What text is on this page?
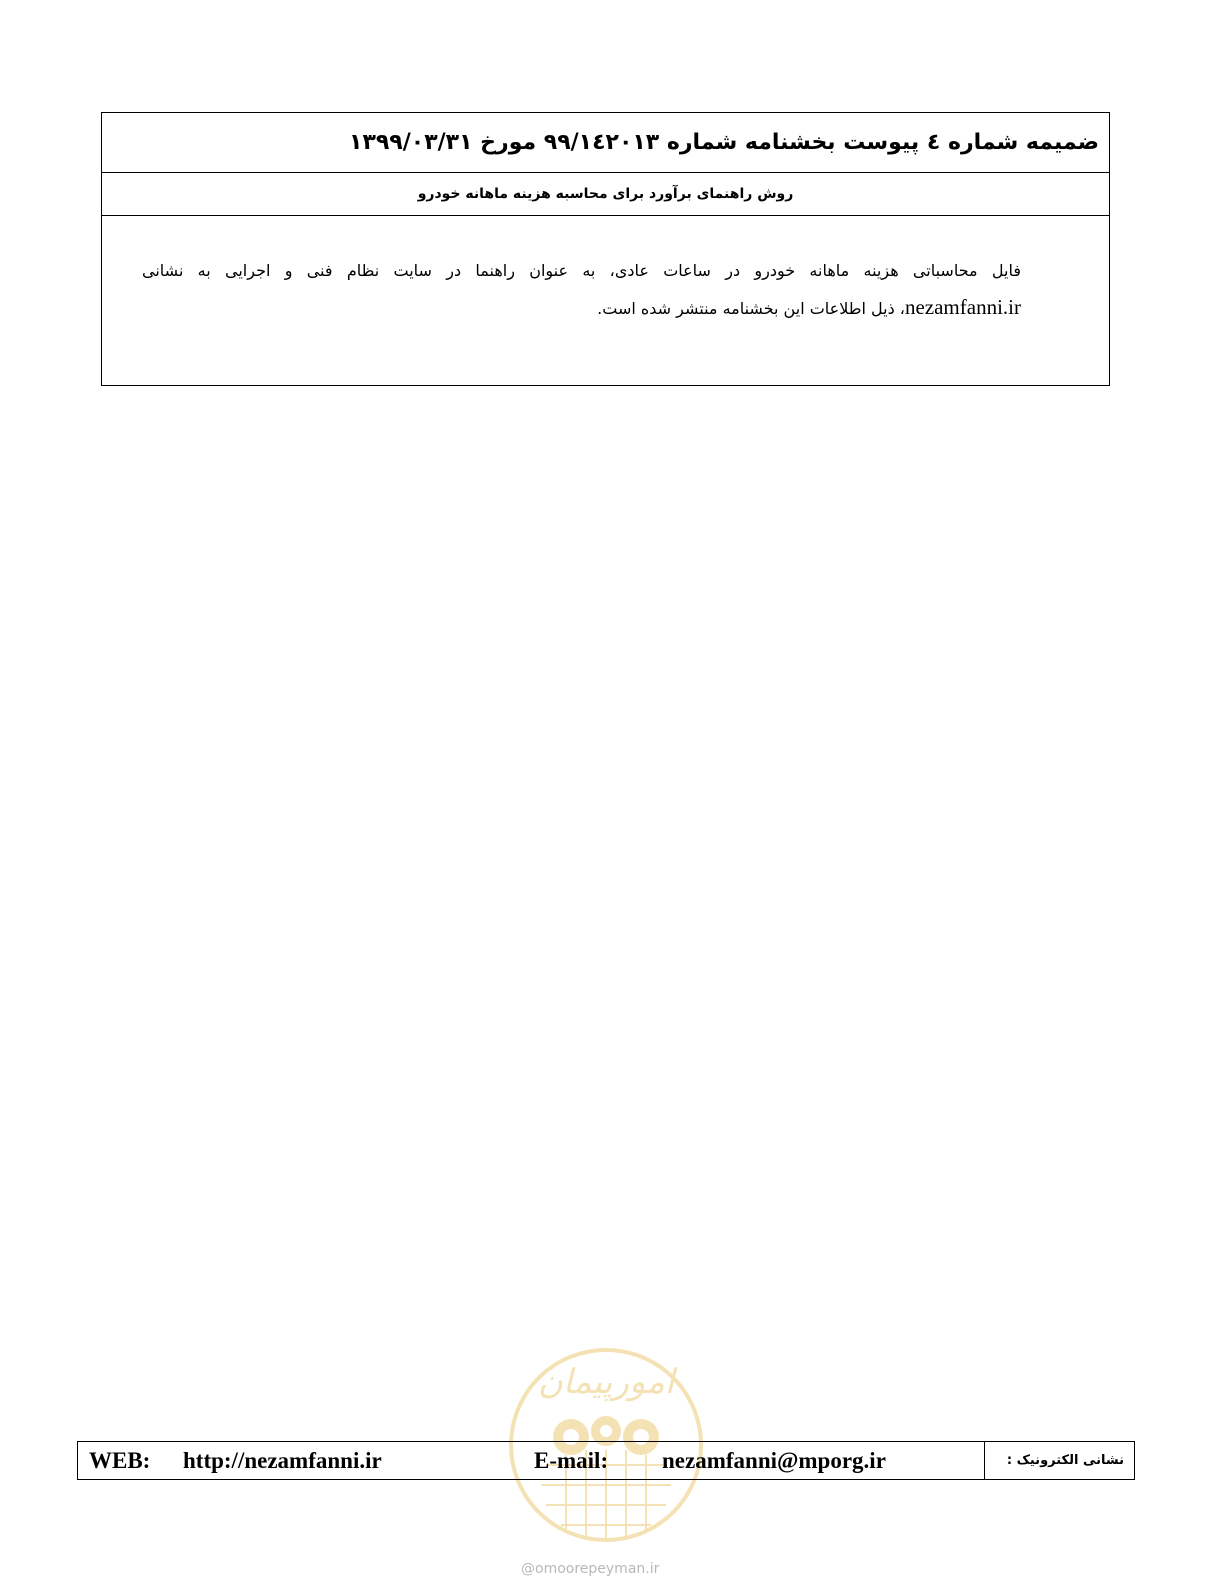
ضمیمه شماره ٤ پیوست بخشنامه شماره ۹۹/۱٤۲۰۱۳ مورخ ۱۳۹۹/۰۳/۳۱
روش راهنمای برآورد برای محاسبه هزینه ماهانه خودرو
فایل محاسباتی هزینه ماهانه خودرو در ساعات عادی، به عنوان راهنما در سایت نظام فنی و اجرایی به نشانی
nezamfanni.ir، ذیل اطلاعات این بخشنامه منتشر شده است.
امورپیمان
@omoorepeyman.ir
WEB: http://nezamfanni.ir	E-mail: nezamfanni@mporg.ir	نشانی الکترونیک :
